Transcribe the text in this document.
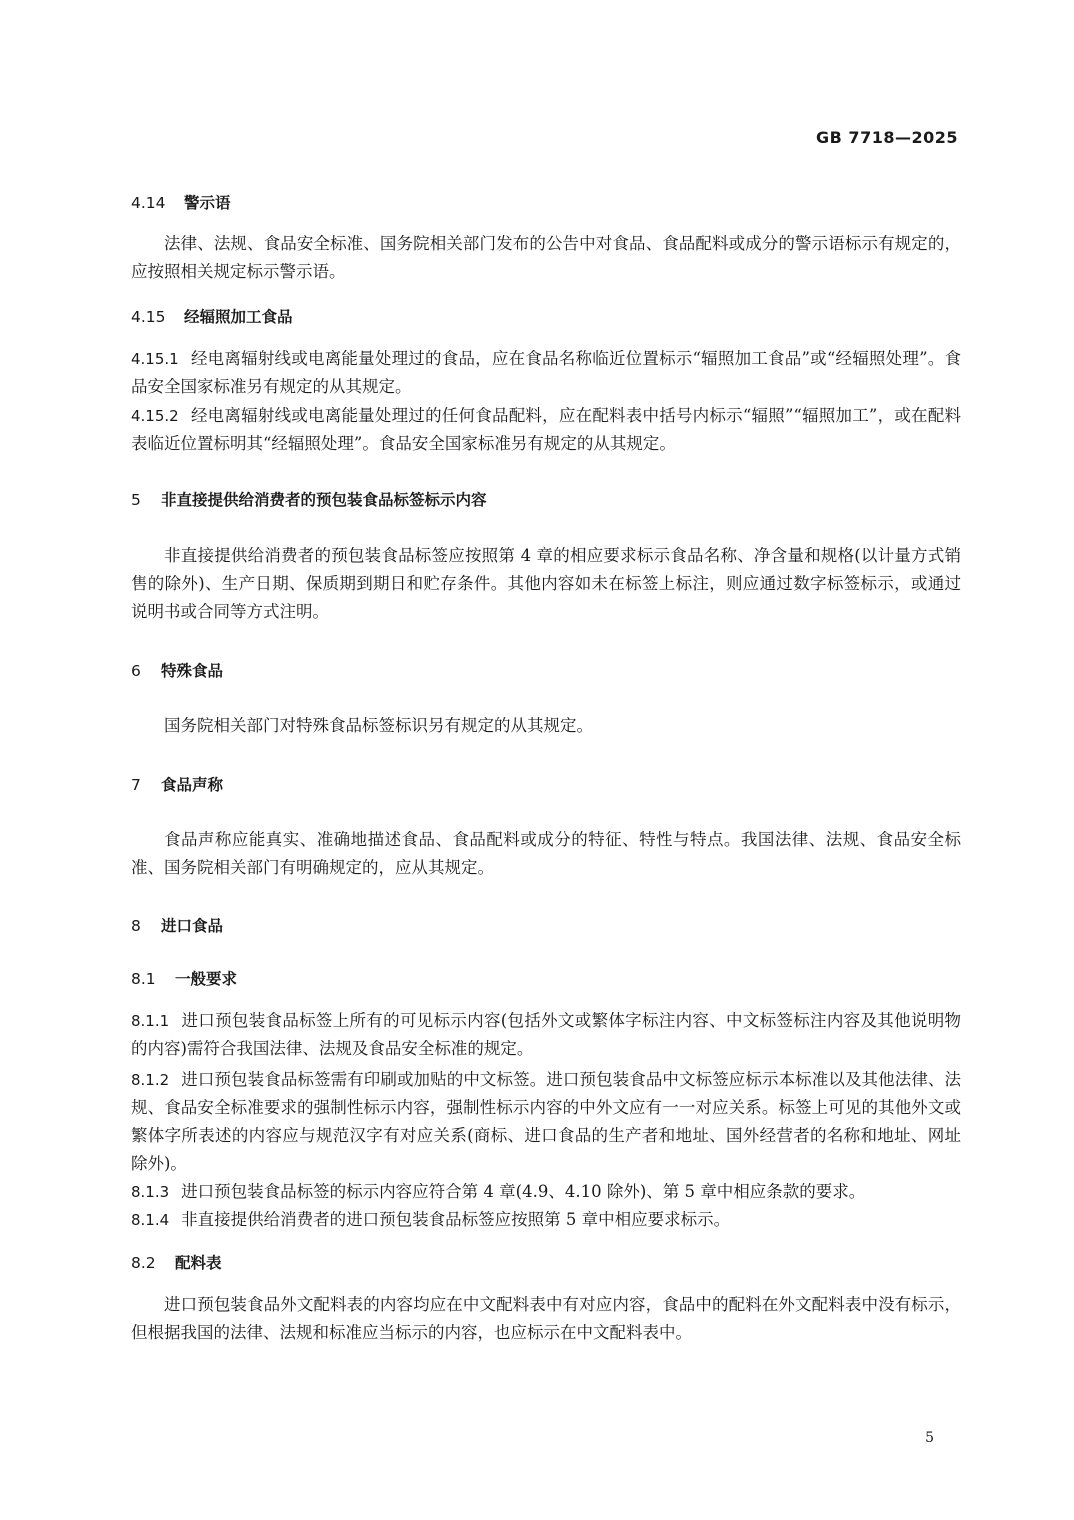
GB 7718—2025
4.14 警示语
法律、法规、食品安全标准、国务院相关部门发布的公告中对食品、食品配料或成分的警示语标示有规定的，应按照相关规定标示警示语。
4.15 经辐照加工食品
4.15.1 经电离辐射线或电离能量处理过的食品，应在食品名称临近位置标示“辐照加工食品”或“经辐照处理”。食品安全国家标准另有规定的从其规定。
4.15.2 经电离辐射线或电离能量处理过的任何食品配料，应在配料表中括号内标示“辐照”“辐照加工”，或在配料表临近位置标明其“经辐照处理”。食品安全国家标准另有规定的从其规定。
5 非直接提供给消费者的预包装食品标签标示内容
非直接提供给消费者的预包装食品标签应按照第 4 章的相应要求标示食品名称、净含量和规格(以计量方式销售的除外)、生产日期、保质期到期日和贮存条件。其他内容如未在标签上标注，则应通过数字标签标示，或通过说明书或合同等方式注明。
6 特殊食品
国务院相关部门对特殊食品标签标识另有规定的从其规定。
7 食品声称
食品声称应能真实、准确地描述食品、食品配料或成分的特征、特性与特点。我国法律、法规、食品安全标准、国务院相关部门有明确规定的，应从其规定。
8 进口食品
8.1 一般要求
8.1.1 进口预包装食品标签上所有的可见标示内容(包括外文或繁体字标注内容、中文标签标注内容及其他说明物的内容)需符合我国法律、法规及食品安全标准的规定。
8.1.2 进口预包装食品标签需有印刷或加贴的中文标签。进口预包装食品中文标签应标示本标准以及其他法律、法规、食品安全标准要求的强制性标示内容，强制性标示内容的中外文应有一一对应关系。标签上可见的其他外文或繁体字所表述的内容应与规范汉字有对应关系(商标、进口食品的生产者和地址、国外经营者的名称和地址、网址除外)。
8.1.3 进口预包装食品标签的标示内容应符合第 4 章(4.9、4.10 除外)、第 5 章中相应条款的要求。
8.1.4 非直接提供给消费者的进口预包装食品标签应按照第 5 章中相应要求标示。
8.2 配料表
进口预包装食品外文配料表的内容均应在中文配料表中有对应内容，食品中的配料在外文配料表中没有标示，但根据我国的法律、法规和标准应当标示的内容，也应标示在中文配料表中。
5
